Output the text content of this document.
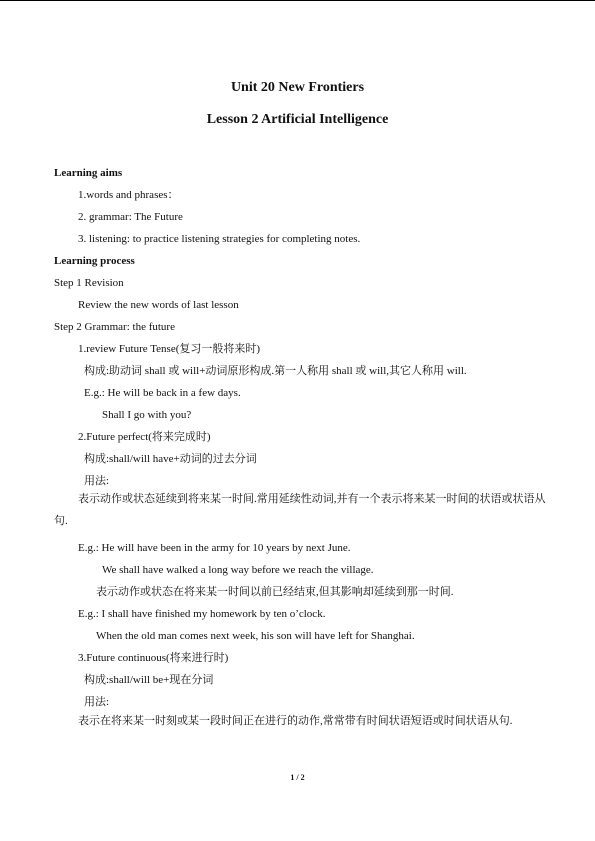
Unit 20 New Frontiers
Lesson 2 Artificial Intelligence
Learning aims
1.words and phrases：
2. grammar: The Future
3. listening: to practice listening strategies for completing notes.
Learning process
Step 1 Revision
Review the new words of last lesson
Step 2 Grammar: the future
1.review Future Tense(复习一般将来时)
构成:助动词 shall 或 will+动词原形构成.第一人称用 shall 或 will,其它人称用 will.
E.g.: He will be back in a few days.
Shall I go with you?
2.Future perfect(将来完成时)
构成:shall/will have+动词的过去分词
用法:
表示动作或状态延续到将来某一时间.常用延续性动词,并有一个表示将来某一时间的状语或状语从句.
E.g.: He will have been in the army for 10 years by next June.
We shall have walked a long way before we reach the village.
表示动作或状态在将来某一时间以前已经结束,但其影响却延续到那一时间.
E.g.: I shall have finished my homework by ten o’clock.
When the old man comes next week, his son will have left for Shanghai.
3.Future continuous(将来进行时)
构成:shall/will be+现在分词
用法:
表示在将来某一时刻或某一段时间正在进行的动作,常常带有时间状语短语或时间状语从句.
1 / 2
